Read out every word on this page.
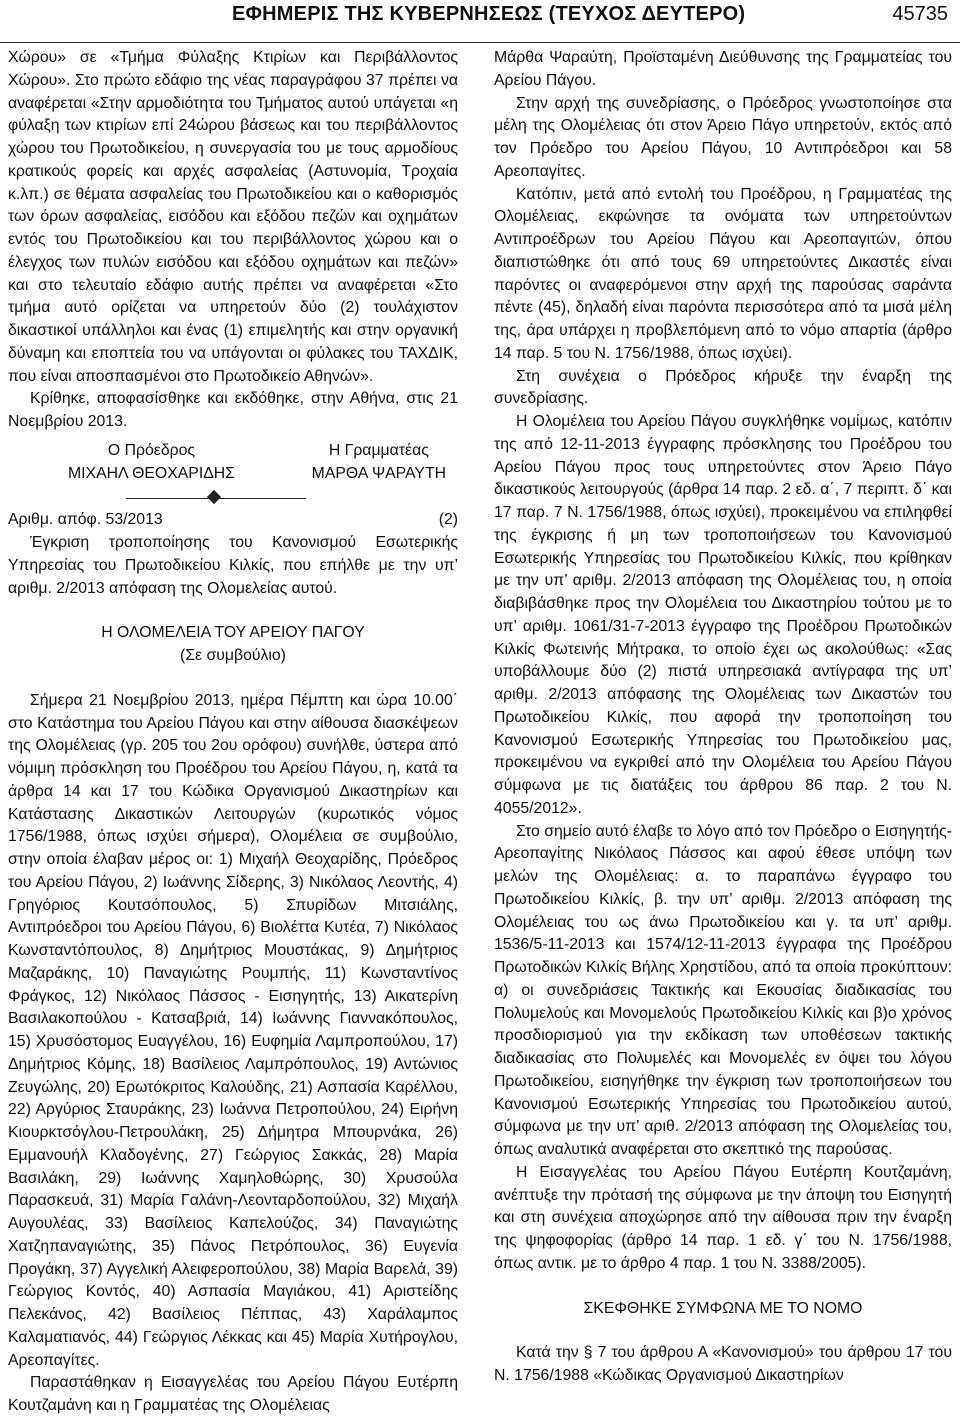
ΕΦΗΜΕΡΙΣ ΤΗΣ ΚΥΒΕΡΝΗΣΕΩΣ (ΤΕΥΧΟΣ ΔΕΥΤΕΡΟ)	45735

Χώρου» σε «Τμήμα Φύλαξης Κτιρίων και Περιβάλλοντος Χώρου». Στο πρώτο εδάφιο της νέας παραγράφου 37 πρέπει να αναφέρεται «Στην αρμοδιότητα του Τμήματος αυτού υπάγεται «η φύλαξη των κτιρίων επί 24ώρου βάσεως και του περιβάλλοντος χώρου του Πρωτοδικείου, η συνεργασία του με τους αρμοδίους κρατικούς φορείς και αρχές ασφαλείας (Αστυνομία, Τροχαία κ.λπ.) σε θέματα ασφαλείας του Πρωτοδικείου και ο καθορισμός των όρων ασφαλείας, εισόδου και εξόδου πεζών και οχημάτων εντός του Πρωτοδικείου και του περιβάλλοντος χώρου και ο έλεγχος των πυλών εισόδου και εξόδου οχημάτων και πεζών» και στο τελευταίο εδάφιο αυτής πρέπει να αναφέρεται «Στο τμήμα αυτό ορίζεται να υπηρετούν δύο (2) τουλάχιστον δικαστικοί υπάλληλοι και ένας (1) επιμελητής και στην οργανική δύναμη και εποπτεία του να υπάγονται οι φύλακες του ΤΑΧΔΙΚ, που είναι αποσπασμένοι στο Πρωτοδικείο Αθηνών».

Κρίθηκε, αποφασίσθηκε και εκδόθηκε, στην Αθήνα, στις 21 Νοεμβρίου 2013.

Ο Πρόεδρος
ΜΙΧΑΗΛ ΘΕΟΧΑΡΙΔΗΣ
Η Γραμματέας
ΜΑΡΘΑ ΨΑΡΑΥΤΗ

Αριθμ. απόφ. 53/2013	(2)

Έγκριση τροποποίησης του Κανονισμού Εσωτερικής Υπηρεσίας του Πρωτοδικείου Κιλκίς, που επήλθε με την υπ’ αριθμ. 2/2013 απόφαση της Ολομελείας αυτού.

Η ΟΛΟΜΕΛΕΙΑ ΤΟΥ ΑΡΕΙΟΥ ΠΑΓΟΥ

(Σε συμβούλιο)

Σήμερα 21 Νοεμβρίου 2013, ημέρα Πέμπτη και ώρα 10.00΄ στο Κατάστημα του Αρείου Πάγου και στην αίθουσα διασκέψεων της Ολομέλειας (γρ. 205 του 2ου ορόφου) συνήλθε, ύστερα από νόμιμη πρόσκληση του Προέδρου του Αρείου Πάγου, η, κατά τα άρθρα 14 και 17 του Κώδικα Οργανισμού Δικαστηρίων και Κατάστασης Δικαστικών Λειτουργών (κυρωτικός νόμος 1756/1988, όπως ισχύει σήμερα), Ολομέλεια σε συμβούλιο, στην οποία έλαβαν μέρος οι: 1) Μιχαήλ Θεοχαρίδης, Πρόεδρος του Αρείου Πάγου, 2) Ιωάννης Σίδερης, 3) Νικόλαος Λεοντής, 4) Γρηγόριος Κουτσόπουλος, 5) Σπυρίδων Μιτσιάλης, Αντιπρόεδροι του Αρείου Πάγου, 6) Βιολέττα Κυτέα, 7) Νικόλαος Κωνσταντόπουλος, 8) Δημήτριος Μουστάκας, 9) Δημήτριος Μαζαράκης, 10) Παναγιώτης Ρουμπής, 11) Κωνσταντίνος Φράγκος, 12) Νικόλαος Πάσσος - Εισηγητής, 13) Αικατερίνη Βασιλακοπούλου - Κατσαβριά, 14) Ιωάννης Γιαννακόπουλος, 15) Χρυσόστομος Ευαγγέλου, 16) Ευφημία Λαμπροπούλου, 17) Δημήτριος Κόμης, 18) Βασίλειος Λαμπρόπουλος, 19) Αντώνιος Ζευγώλης, 20) Ερωτόκριτος Καλούδης, 21) Ασπασία Καρέλλου, 22) Αργύριος Σταυράκης, 23) Ιωάννα Πετροπούλου, 24) Ειρήνη Κιουρκτσόγλου-Πετρουλάκη, 25) Δήμητρα Μπουρνάκα, 26) Εμμανουήλ Κλαδογένης, 27) Γεώργιος Σακκάς, 28) Μαρία Βασιλάκη, 29) Ιωάννης Χαμηλοθώρης, 30) Χρυσούλα Παρασκευά, 31) Μαρία Γαλάνη-Λεονταρδοπούλου, 32) Μιχαήλ Αυγουλέας, 33) Βασίλειος Καπελούζος, 34) Παναγιώτης Χατζηπαναγιώτης, 35) Πάνος Πετρόπουλος, 36) Ευγενία Προγάκη, 37) Αγγελική Αλειφεροπούλου, 38) Μαρία Βαρελά, 39) Γεώργιος Κοντός, 40) Ασπασία Μαγιάκου, 41) Αριστείδης Πελεκάνος, 42) Βασίλειος Πέππας, 43) Χαράλαμπος Καλαματιανός, 44) Γεώργιος Λέκκας και 45) Μαρία Χυτήρογλου, Αρεοπαγίτες.

Παραστάθηκαν η Εισαγγελέας του Αρείου Πάγου Ευτέρπη Κουτζαμάνη και η Γραμματέας της Ολομέλειας

Μάρθα Ψαραύτη, Προϊσταμένη Διεύθυνσης της Γραμματείας του Αρείου Πάγου.

Στην αρχή της συνεδρίασης, ο Πρόεδρος γνωστοποίησε στα μέλη της Ολομέλειας ότι στον Άρειο Πάγο υπηρετούν, εκτός από τον Πρόεδρο του Αρείου Πάγου, 10 Αντιπρόεδροι και 58 Αρεοπαγίτες.

Κατόπιν, μετά από εντολή του Προέδρου, η Γραμματέας της Ολομέλειας, εκφώνησε τα ονόματα των υπηρετούντων Αντιπροέδρων του Αρείου Πάγου και Αρεοπαγιτών, όπου διαπιστώθηκε ότι από τους 69 υπηρετούντες Δικαστές είναι παρόντες οι αναφερόμενοι στην αρχή της παρούσας σαράντα πέντε (45), δηλαδή είναι παρόντα περισσότερα από τα μισά μέλη της, άρα υπάρχει η προβλεπόμενη από το νόμο απαρτία (άρθρο 14 παρ. 5 του Ν. 1756/1988, όπως ισχύει).

Στη συνέχεια ο Πρόεδρος κήρυξε την έναρξη της συνεδρίασης.

Η Ολομέλεια του Αρείου Πάγου συγκλήθηκε νομίμως, κατόπιν της από 12-11-2013 έγγραφης πρόσκλησης του Προέδρου του Αρείου Πάγου προς τους υπηρετούντες στον Άρειο Πάγο δικαστικούς λειτουργούς (άρθρα 14 παρ. 2 εδ. α΄, 7 περιπτ. δ΄ και 17 παρ. 7 Ν. 1756/1988, όπως ισχύει), προκειμένου να επιληφθεί της έγκρισης ή μη των τροποποιήσεων του Κανονισμού Εσωτερικής Υπηρεσίας του Πρωτοδικείου Κιλκίς, που κρίθηκαν με την υπ’ αριθμ. 2/2013 απόφαση της Ολομέλειας του, η οποία διαβιβάσθηκε προς την Ολομέλεια του Δικαστηρίου τούτου με το υπ’ αριθμ. 1061/31-7-2013 έγγραφο της Προέδρου Πρωτοδικών Κιλκίς Φωτεινής Μήτρακα, το οποίο έχει ως ακολούθως: «Σας υποβάλλουμε δύο (2) πιστά υπηρεσιακά αντίγραφα της υπ’ αριθμ. 2/2013 απόφασης της Ολομέλειας των Δικαστών του Πρωτοδικείου Κιλκίς, που αφορά την τροποποίηση του Κανονισμού Εσωτερικής Υπηρεσίας του Πρωτοδικείου μας, προκειμένου να εγκριθεί από την Ολομέλεια του Αρείου Πάγου σύμφωνα με τις διατάξεις του άρθρου 86 παρ. 2 του Ν. 4055/2012».

Στο σημείο αυτό έλαβε το λόγο από τον Πρόεδρο ο Εισηγητής-Αρεοπαγίτης Νικόλαος Πάσσος και αφού έθεσε υπόψη των μελών της Ολομέλειας: α. το παραπάνω έγγραφο του Πρωτοδικείου Κιλκίς, β. την υπ’ αριθμ. 2/2013 απόφαση της Ολομέλειας του ως άνω Πρωτοδικείου και γ. τα υπ’ αριθμ. 1536/5-11-2013 και 1574/12-11-2013 έγγραφα της Προέδρου Πρωτοδικών Κιλκίς Βήλης Χρηστίδου, από τα οποία προκύπτουν: α) οι συνεδριάσεις Τακτικής και Εκουσίας διαδικασίας του Πολυμελούς και Μονομελούς Πρωτοδικείου Κιλκίς και β)ο χρόνος προσδιορισμού για την εκδίκαση των υποθέσεων τακτικής διαδικασίας στο Πολυμελές και Μονομελές εν όψει του λόγου Πρωτοδικείου, εισηγήθηκε την έγκριση των τροποποιήσεων του Κανονισμού Εσωτερικής Υπηρεσίας του Πρωτοδικείου αυτού, σύμφωνα με την υπ’ αριθ. 2/2013 απόφαση της Ολομελείας του, όπως αναλυτικά αναφέρεται στο σκεπτικό της παρούσας.

Η Εισαγγελέας του Αρείου Πάγου Ευτέρπη Κουτζαμάνη, ανέπτυξε την πρότασή της σύμφωνα με την άποψη του Εισηγητή και στη συνέχεια αποχώρησε από την αίθουσα πριν την έναρξη της ψηφοφορίας (άρθρο 14 παρ. 1 εδ. γ΄ του Ν. 1756/1988, όπως αντικ. με το άρθρο 4 παρ. 1 του Ν. 3388/2005).

ΣΚΕΦΘΗΚΕ ΣΥΜΦΩΝΑ ΜΕ ΤΟ ΝΟΜΟ

Κατά την § 7 του άρθρου Α «Κανονισμού» του άρθρου 17 του Ν. 1756/1988 «Κώδικας Οργανισμού Δικαστηρίων
